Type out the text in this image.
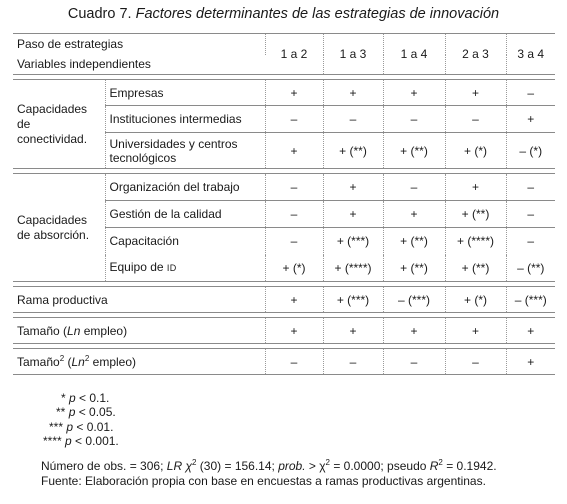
Cuadro 7. Factores determinantes de las estrategias de innovación
Paso de estrategias		1 a 2	1 a 3	1 a 4	2 a 3	3 a 4
Variables independientes						

Capacidades de conectividad.	Empresas	+	+	+	+	–
	Instituciones intermedias	–	–	–	–	+
	Universidades y centros tecnológicos	+	+ (**)	+ (**)	+ (*)	– (*)

Capacidades de absorción.	Organización del trabajo	–	+	–	+	–
	Gestión de la calidad	–	+	+	+ (**)	–
	Capacitación	–	+ (***)	+ (**)	+ (****)	–
	Equipo de ID	+ (*)	+ (****)	+ (**)	+ (**)	– (**)

Rama productiva		+	+ (***)	– (***)	+ (*)	– (***)

Tamaño (Ln empleo)		+	+	+	+	+

Tamaño$^2$ (Ln$^2$ empleo)		–	–	–	–	+
* p < 0.1.
** p < 0.05.
*** p < 0.01.
**** p < 0.001.
Número de obs. = 306; LR $\chi^2$ (30) = 156.14; prob. > $\chi^2 = 0.0000$; pseudo $R^2 = 0.1942$.
Fuente: Elaboración propia con base en encuestas a ramas productivas argentinas.
